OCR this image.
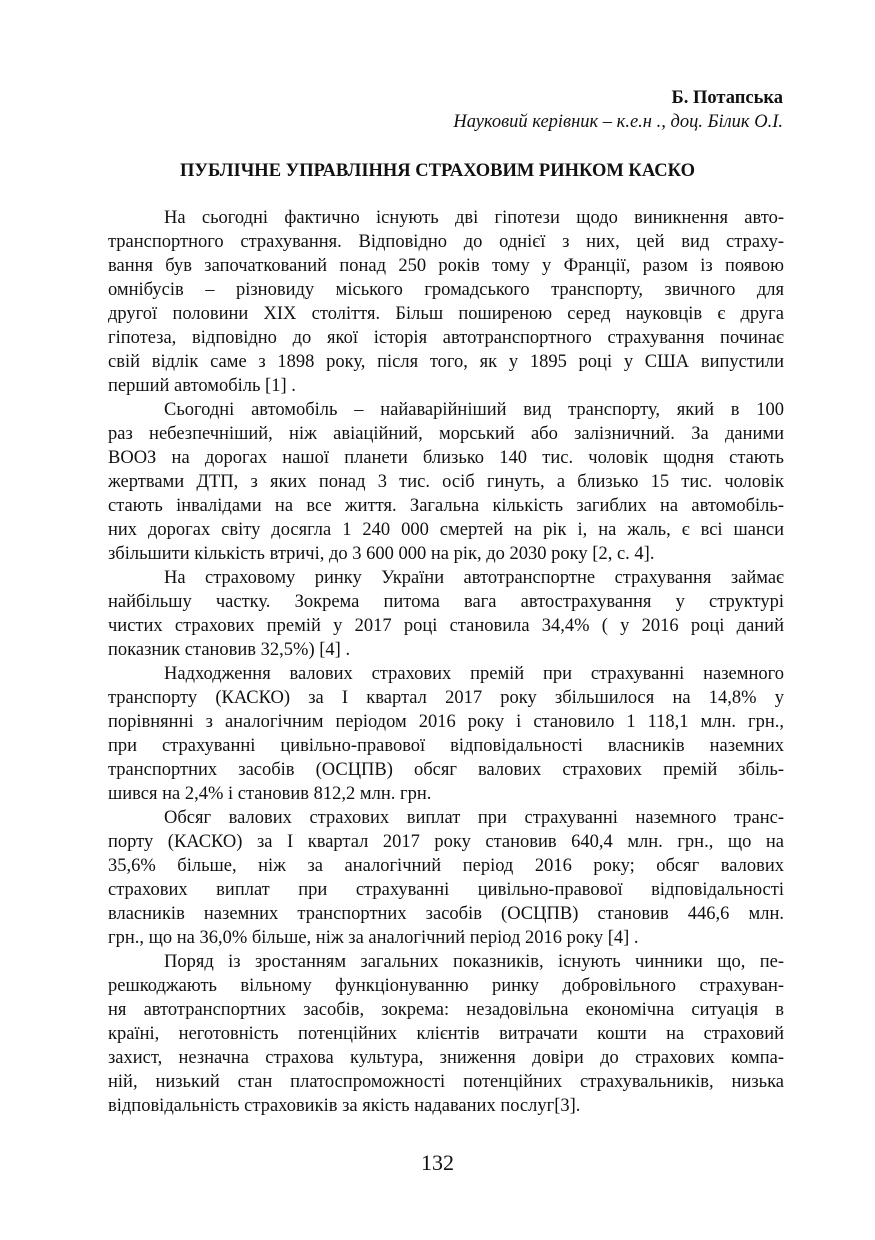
Б. Потапська
Науковий керівник – к.е.н ., доц. Білик О.І.
ПУБЛІЧНЕ УПРАВЛІННЯ СТРАХОВИМ РИНКОМ КАСКО
На сьогодні фактично існують дві гіпотези щодо виникнення авто-
транспортного страхування. Відповідно до однієї з них, цей вид страху-
вання був започаткований понад 250 років тому у Франції, разом із появою
омнібусів – різновиду міського громадського транспорту, звичного для
другої половини XIX століття. Більш поширеною серед науковців є друга
гіпотеза, відповідно до якої історія автотранспортного страхування починає
свій відлік саме з 1898 року, після того, як у 1895 році у США випустили
перший автомобіль [1] .
Сьогодні автомобіль – найаварійніший вид транспорту, який в 100
раз небезпечніший, ніж авіаційний, морський або залізничний. За даними
ВООЗ на дорогах нашої планети близько 140 тис. чоловік щодня стають
жертвами ДТП, з яких понад 3 тис. осіб гинуть, а близько 15 тис. чоловік
стають інвалідами на все життя. Загальна кількість загиблих на автомобіль-
них дорогах світу досягла 1 240 000 смертей на рік і, на жаль, є всі шанси
збільшити кількість втричі, до 3 600 000 на рік, до 2030 року [2, с. 4].
На страховому ринку України автотранспортне страхування займає
найбільшу частку. Зокрема питома вага автострахування у структурі
чистих страхових премій у 2017 році становила 34,4% ( у 2016 році даний
показник становив 32,5%) [4] .
Надходження валових страхових премій при страхуванні наземного
транспорту (КАСКО) за І квартал 2017 року збільшилося на 14,8% у
порівнянні з аналогічним періодом 2016 року і становило 1 118,1 млн. грн.,
при страхуванні цивільно-правової відповідальності власників наземних
транспортних засобів (ОСЦПВ) обсяг валових страхових премій збіль-
шився на 2,4% і становив 812,2 млн. грн.
Обсяг валових страхових виплат при страхуванні наземного транс-
порту (КАСКО) за І квартал 2017 року становив 640,4 млн. грн., що на
35,6% більше, ніж за аналогічний період 2016 року; обсяг валових
страхових виплат при страхуванні цивільно-правової відповідальності
власників наземних транспортних засобів (ОСЦПВ) становив 446,6 млн.
грн., що на 36,0% більше, ніж за аналогічний період 2016 року [4] .
Поряд із зростанням загальних показників, існують чинники що, пе-
решкоджають вільному функціонуванню ринку добровільного страхуван-
ня автотранспортних засобів, зокрема: незадовільна економічна ситуація в
країні, неготовність потенційних клієнтів витрачати кошти на страховий
захист, незначна страхова культура, зниження довіри до страхових компа-
ній, низький стан платоспроможності потенційних страхувальників, низька
відповідальність страховиків за якість надаваних послуг[3].
132
